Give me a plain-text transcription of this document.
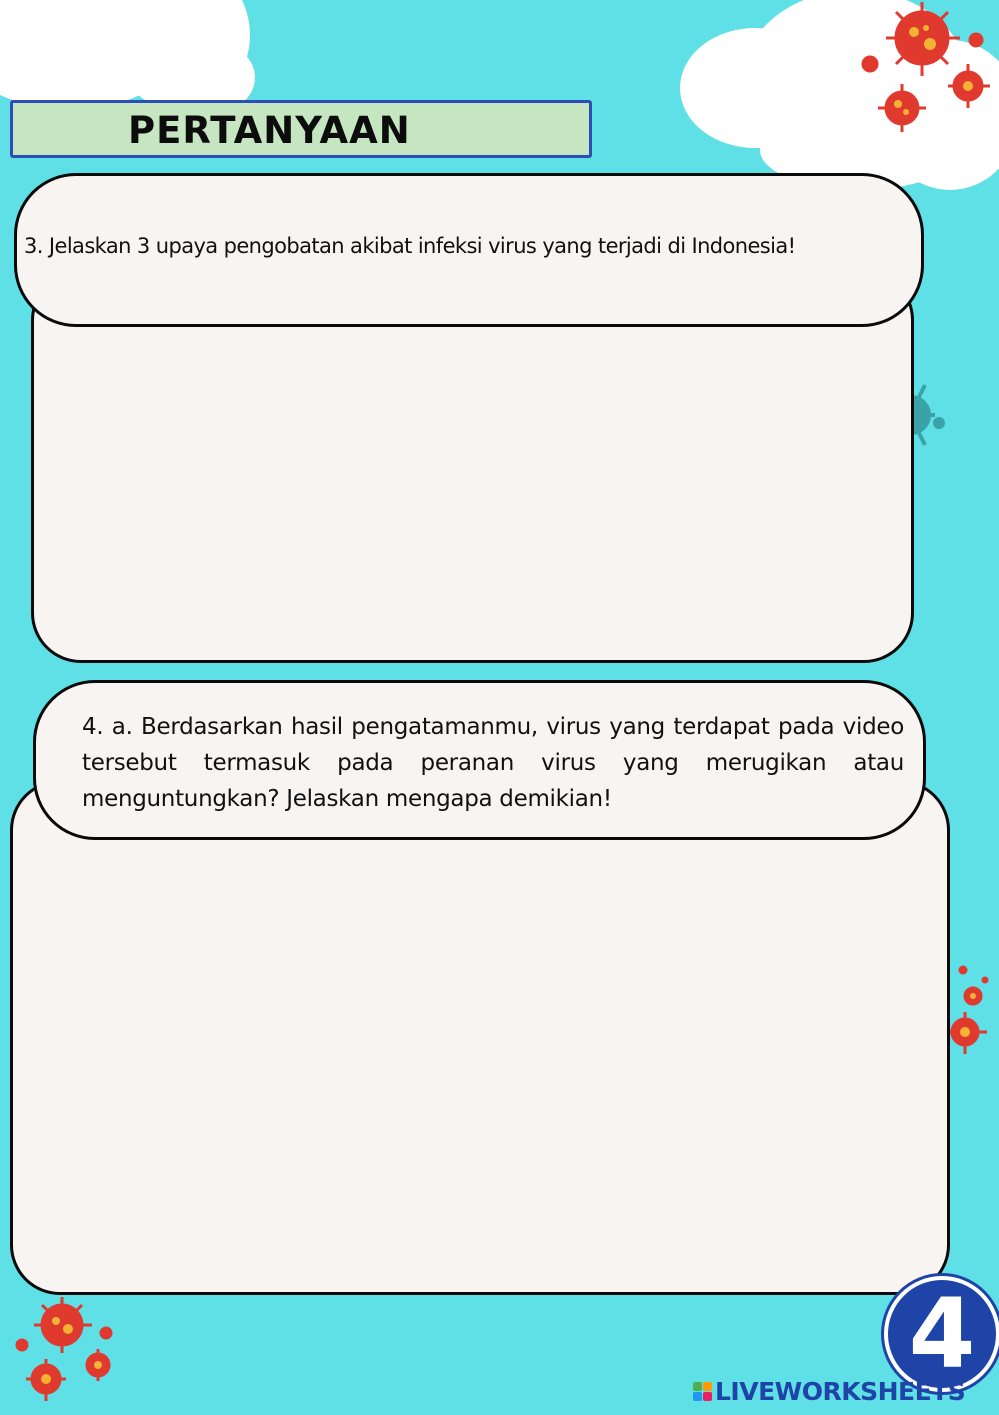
PERTANYAAN
3. Jelaskan 3 upaya pengobatan akibat infeksi virus yang terjadi di Indonesia!
4. a. Berdasarkan hasil pengatamanmu, virus yang terdapat pada video tersebut termasuk pada peranan virus yang merugikan atau menguntungkan? Jelaskan mengapa demikian!
4
LIVEWORKSHEETS
